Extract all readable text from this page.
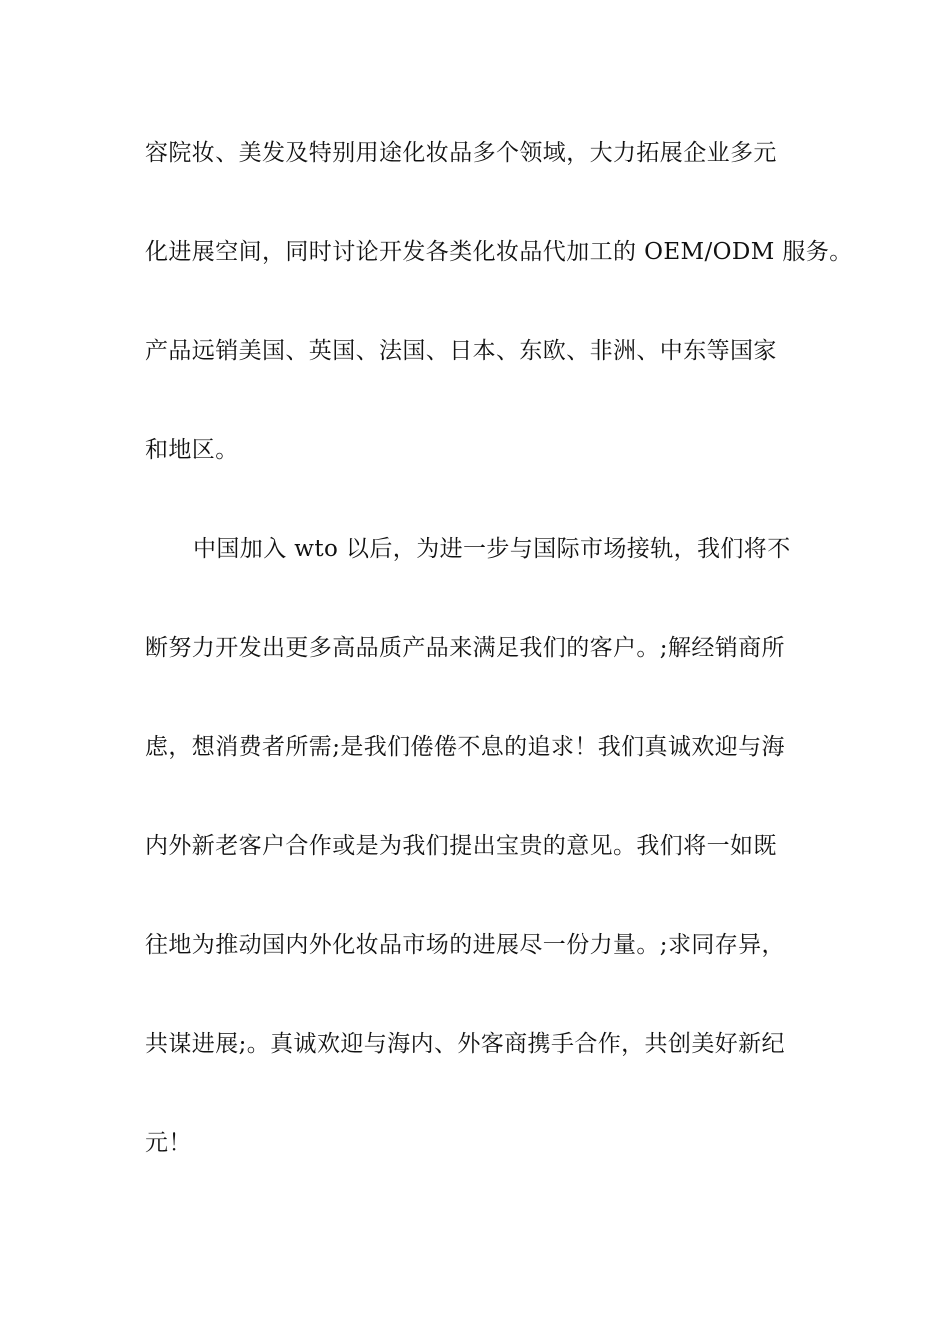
容院妆、美发及特别用途化妆品多个领域，大力拓展企业多元
化进展空间，同时讨论开发各类化妆品代加工的 OEM/ODM 服务。
产品远销美国、英国、法国、日本、东欧、非洲、中东等国家
和地区。
中国加入 wto 以后，为进一步与国际市场接轨，我们将不
断努力开发出更多高品质产品来满足我们的客户。;解经销商所
虑，想消费者所需;是我们倦倦不息的追求！我们真诚欢迎与海
内外新老客户合作或是为我们提出宝贵的意见。我们将一如既
往地为推动国内外化妆品市场的进展尽一份力量。;求同存异，
共谋进展;。真诚欢迎与海内、外客商携手合作，共创美好新纪
元！
